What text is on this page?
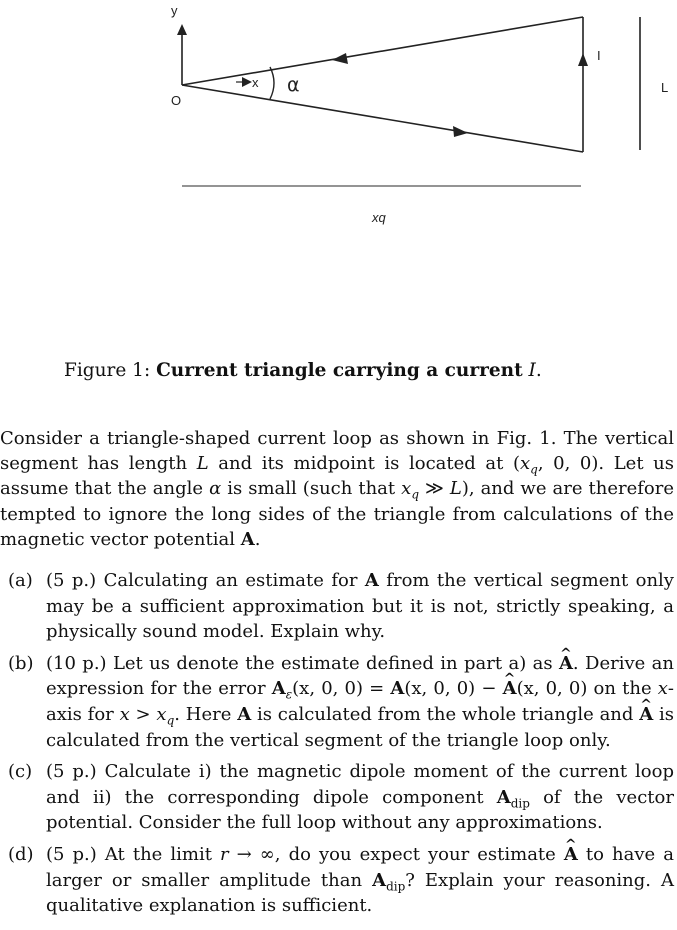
y
O
I
x α	L
xq
Figure 1: Current triangle carrying a current I.

Consider a triangle-shaped current loop as shown in Fig. 1. The vertical segment has length L and its midpoint is located at ($x_q$, 0, 0). Let us assume that the angle α is small (such that $x_q$ ≫ L), and we are therefore tempted to ignore the long sides of the triangle from calculations of the magnetic vector potential A.

(a) (5 p.) Calculating an estimate for A from the vertical segment only may be a sufficient approximation but it is not, strictly speaking, a physically sound model. Explain why.
(b) (10 p.) Let us denote the estimate defined in part a) as ^ A. Derive an expression for the error $A_\varepsilon(x$, 0, 0) = A(x, 0, 0) − ^ A(x, 0, 0) on the x-axis for $x > x_q$. Here A is calculated from the whole triangle and ^ A is calculated from the vertical segment of the triangle loop only.
(c) (5 p.) Calculate i) the magnetic dipole moment of the current loop and ii) the corresponding dipole component $A_{dip}$ of the vector potential. Consider the full loop without any approximations.
(d) (5 p.) At the limit r → ∞, do you expect your estimate ^ A to have a larger or smaller amplitude than $A_{dip}$? Explain your reasoning. A qualitative explanation is sufficient.
